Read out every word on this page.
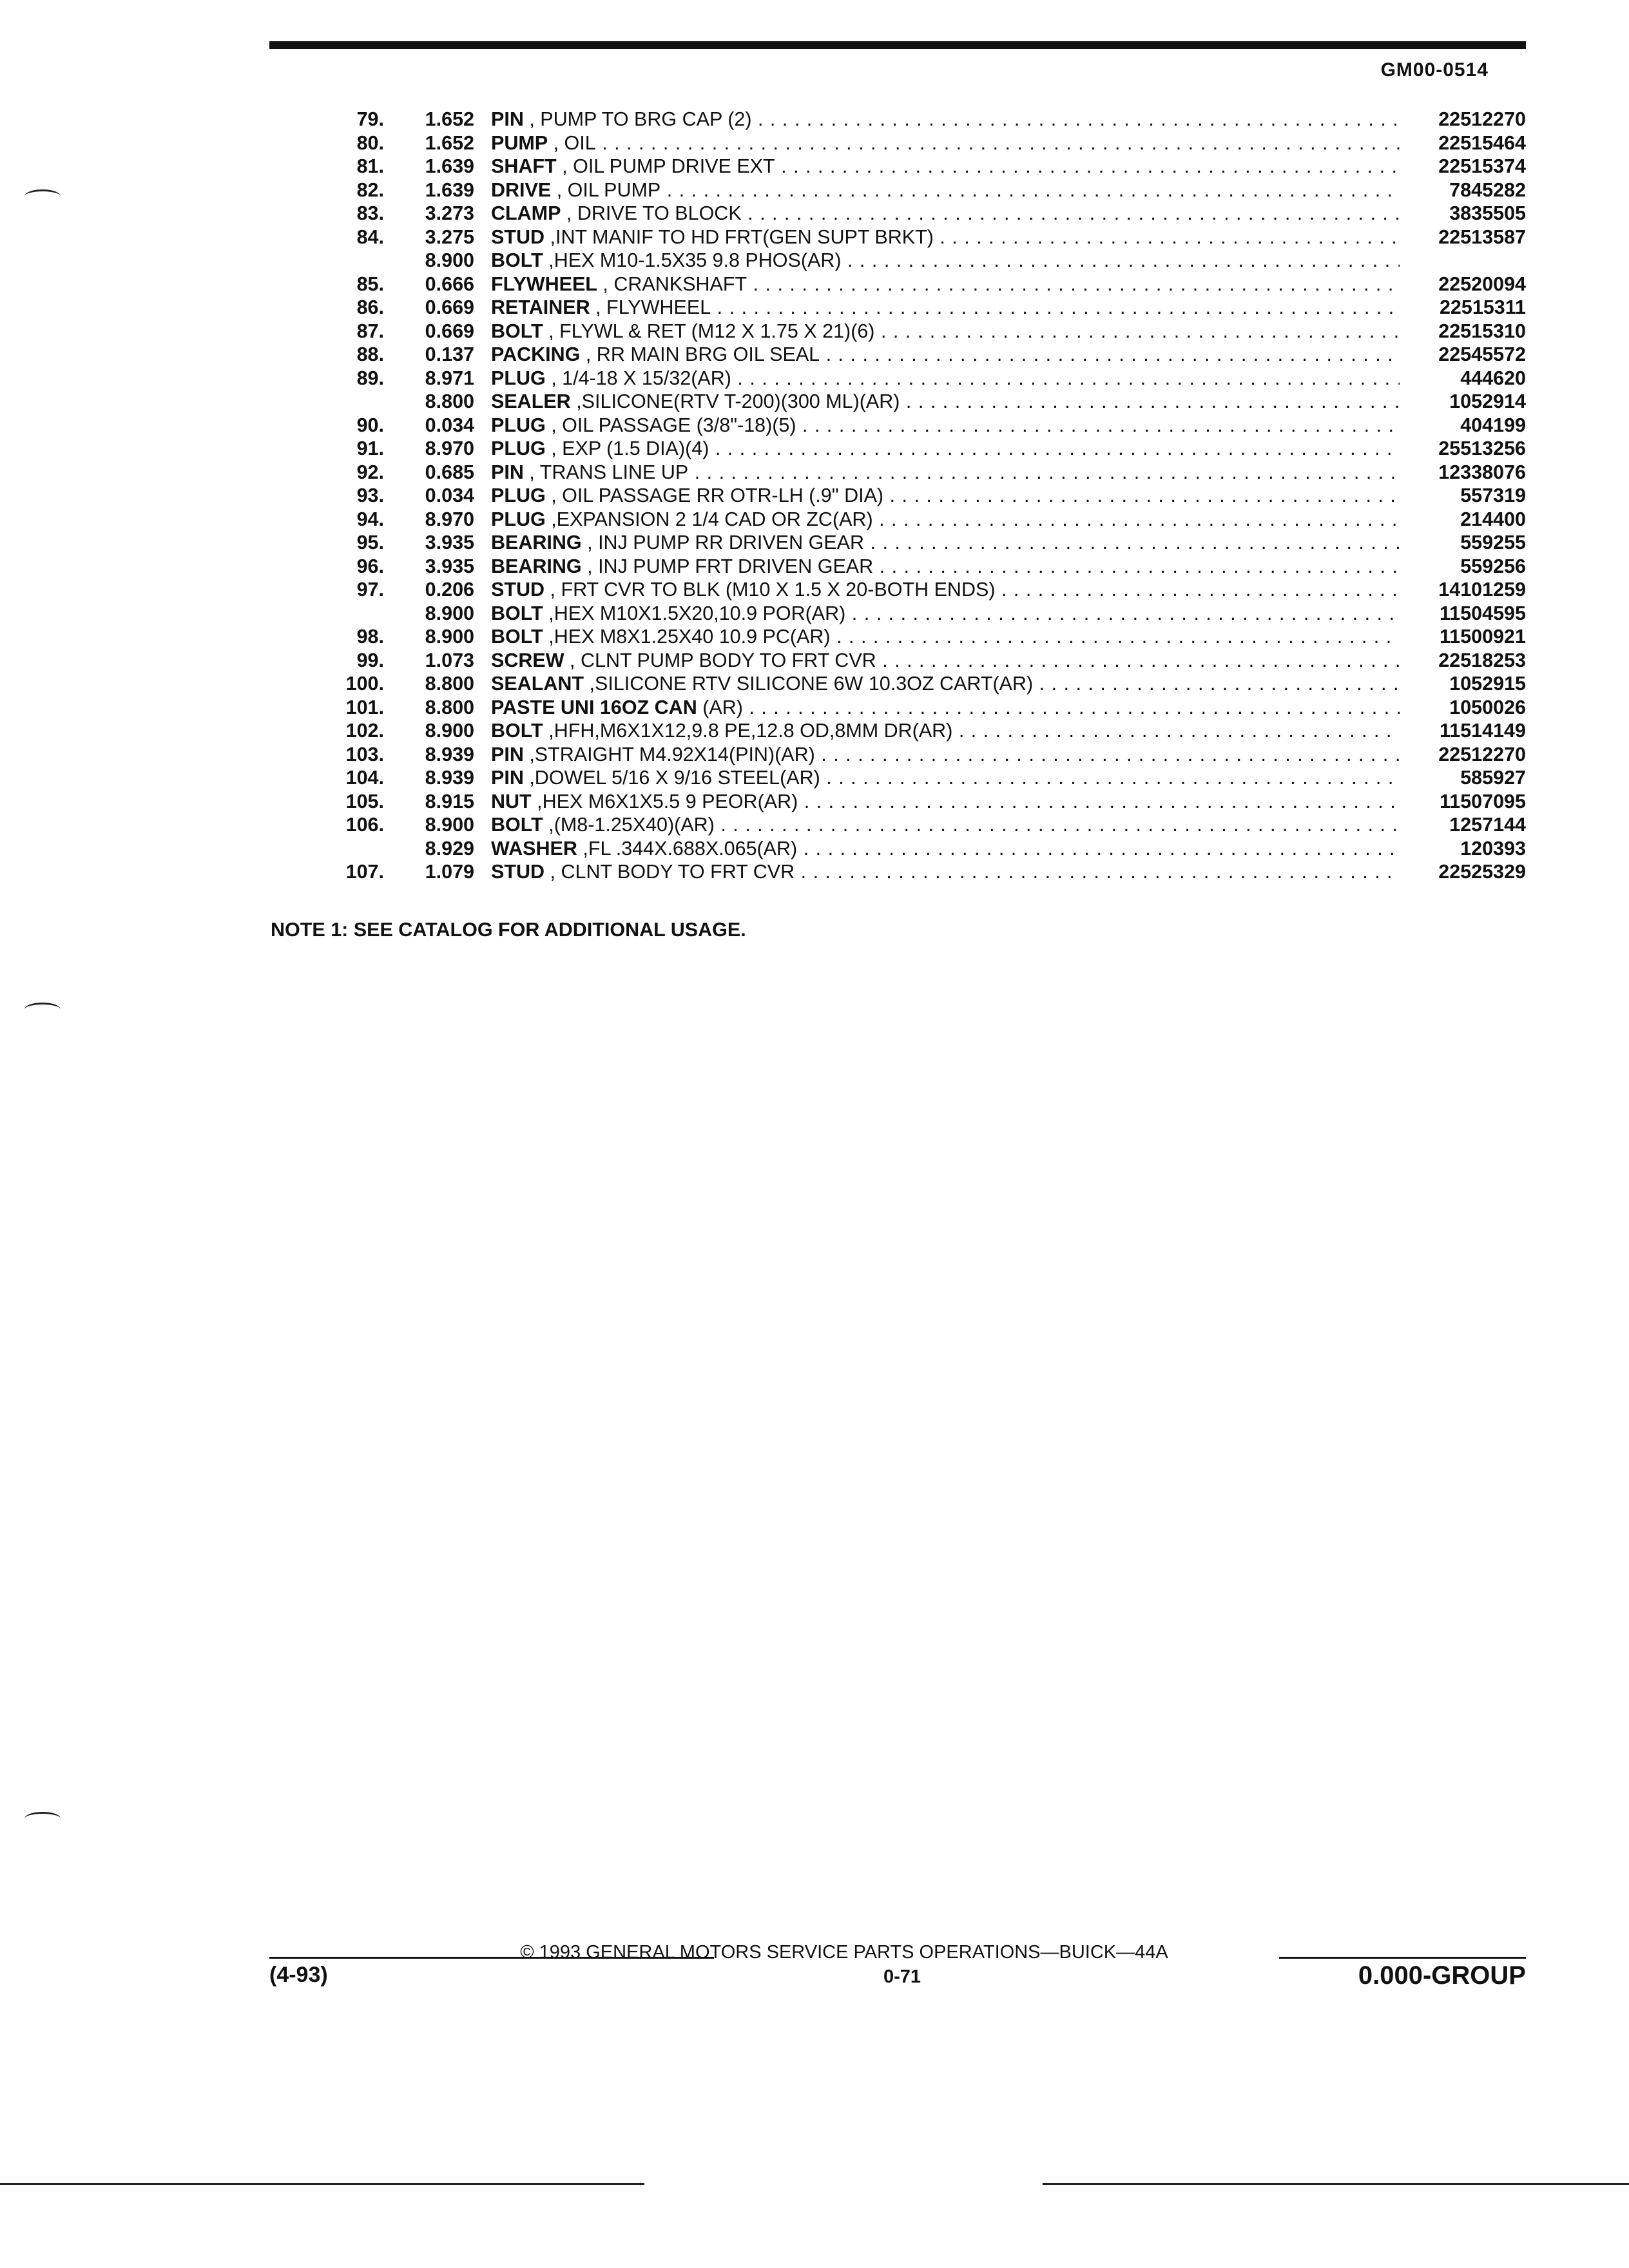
GM00-0514
79.	1.652 PIN , PUMP TO BRG CAP (2) . . .	22512270
80.	1.652 PUMP , OIL . . .	22515464
81.	1.639 SHAFT , OIL PUMP DRIVE EXT . . .	22515374
82.	1.639 DRIVE , OIL PUMP . . .	7845282
83.	3.273 CLAMP , DRIVE TO BLOCK . . .	3835505
84.	3.275 STUD ,INT MANIF TO HD FRT(GEN SUPT BRKT) . . .	22513587
8.900 BOLT ,HEX M10-1.5X35 9.8 PHOS(AR) . . .
85.	0.666 FLYWHEEL , CRANKSHAFT . . .	22520094
86.	0.669 RETAINER , FLYWHEEL . . .	22515311
87.	0.669 BOLT , FLYWL & RET (M12 X 1.75 X 21)(6) . . .	22515310
88.	0.137 PACKING , RR MAIN BRG OIL SEAL . . .	22545572
89.	8.971 PLUG , 1/4-18 X 15/32(AR) . . .	444620
8.800 SEALER ,SILICONE(RTV T-200)(300 ML)(AR) . . .	1052914
90.	0.034 PLUG , OIL PASSAGE (3/8"-18)(5) . . .	404199
91.	8.970 PLUG , EXP (1.5 DIA)(4) . . .	25513256
92.	0.685 PIN , TRANS LINE UP . . .	12338076
93.	0.034 PLUG , OIL PASSAGE RR OTR-LH (.9" DIA) . . .	557319
94.	8.970 PLUG ,EXPANSION 2 1/4 CAD OR ZC(AR) . . .	214400
95.	3.935 BEARING , INJ PUMP RR DRIVEN GEAR . . .	559255
96.	3.935 BEARING , INJ PUMP FRT DRIVEN GEAR . . .	559256
97.	0.206 STUD , FRT CVR TO BLK (M10 X 1.5 X 20-BOTH ENDS) . . .	14101259
8.900 BOLT ,HEX M10X1.5X20,10.9 POR(AR) . . .	11504595
98.	8.900 BOLT ,HEX M8X1.25X40 10.9 PC(AR) . . .	11500921
99.	1.073 SCREW , CLNT PUMP BODY TO FRT CVR . . .	22518253
100.	8.800 SEALANT ,SILICONE RTV SILICONE 6W 10.3OZ CART(AR) . . .	1052915
101.	8.800 PASTE UNI 16OZ CAN (AR) . . .	1050026
102.	8.900 BOLT ,HFH,M6X1X12,9.8 PE,12.8 OD,8MM DR(AR) . . .	11514149
103.	8.939 PIN ,STRAIGHT M4.92X14(PIN)(AR) . . .	22512270
104.	8.939 PIN ,DOWEL 5/16 X 9/16 STEEL(AR) . . .	585927
105.	8.915 NUT ,HEX M6X1X5.5 9 PEOR(AR) . . .	11507095
106.	8.900 BOLT ,(M8-1.25X40)(AR) . . .	1257144
8.929 WASHER ,FL .344X.688X.065(AR) . . .	120393
107.	1.079 STUD , CLNT BODY TO FRT CVR . . .	22525329
NOTE 1: SEE CATALOG FOR ADDITIONAL USAGE.
© 1993 GENERAL MOTORS SERVICE PARTS OPERATIONS—BUICK—44A
(4-93)	0-71	0.000-GROUP
